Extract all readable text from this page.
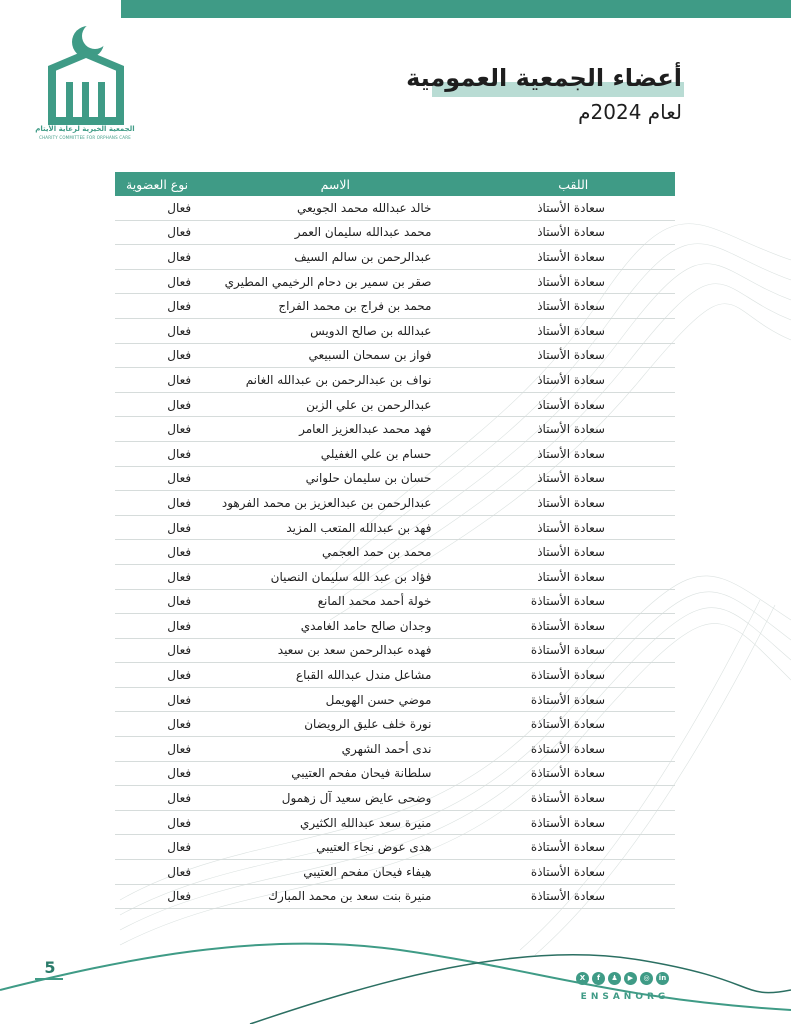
الجمعية الخيرية لرعاية الأيتام
CHARITY COMMITTEE FOR ORPHANS CARE
أعضاء الجمعية العمومية
لعام 2024م
اللقب	الاسم	نوع العضوية
سعادة الأستاذ	خالد عبدالله محمد الجويعي	فعال
سعادة الأستاذ	محمد عبدالله سليمان العمر	فعال
سعادة الأستاذ	عبدالرحمن بن سالم السيف	فعال
سعادة الأستاذ	صقر بن سمير بن دحام الرخيمي المطيري	فعال
سعادة الأستاذ	محمد بن فراج بن محمد الفراج	فعال
سعادة الأستاذ	عبدالله بن صالح الدويس	فعال
سعادة الأستاذ	فواز بن سمحان السبيعي	فعال
سعادة الأستاذ	نواف بن عبدالرحمن بن عبدالله الغانم	فعال
سعادة الأستاذ	عبدالرحمن بن علي الزبن	فعال
سعادة الأستاذ	فهد محمد عبدالعزيز العامر	فعال
سعادة الأستاذ	حسام بن علي الغفيلي	فعال
سعادة الأستاذ	حسان بن سليمان حلواني	فعال
سعادة الأستاذ	عبدالرحمن بن عبدالعزيز بن محمد الفرهود	فعال
سعادة الأستاذ	فهد بن عبدالله المتعب المزيد	فعال
سعادة الأستاذ	محمد بن حمد العجمي	فعال
سعادة الأستاذ	فؤاد بن عبد الله سليمان النصيان	فعال
سعادة الأستاذة	خولة أحمد محمد المانع	فعال
سعادة الأستاذة	وجدان صالح حامد الغامدي	فعال
سعادة الأستاذة	فهده عبدالرحمن سعد بن سعيد	فعال
سعادة الأستاذة	مشاعل مندل عبدالله القباع	فعال
سعادة الأستاذة	موضي حسن الهويمل	فعال
سعادة الأستاذة	نورة خلف عليق الرويضان	فعال
سعادة الأستاذة	ندى أحمد الشهري	فعال
سعادة الأستاذة	سلطانة فيحان مفحم العتيبي	فعال
سعادة الأستاذة	وضحى عايض سعيد آل زهمول	فعال
سعادة الأستاذة	منيرة سعد عبدالله الكثيري	فعال
سعادة الأستاذة	هدى عوض نجاء العتيبي	فعال
سعادة الأستاذة	هيفاء فيحان مفحم العتيبي	فعال
سعادة الأستاذة	منيرة بنت سعد بن محمد المبارك	فعال
5
in
◎
▶
♟
f
X
ENSANORG
